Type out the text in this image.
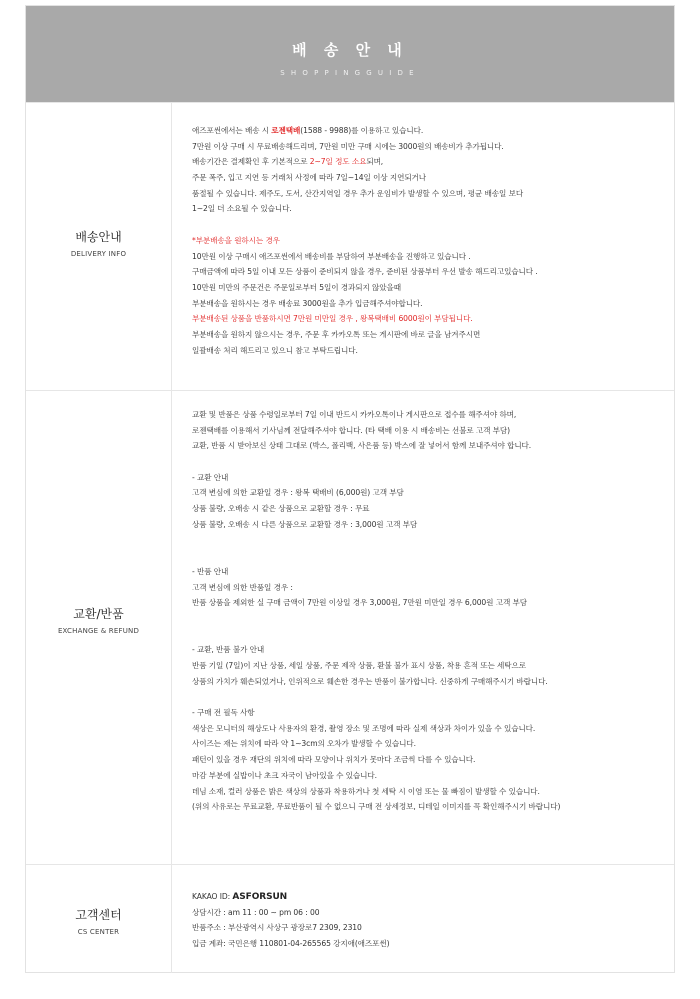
배 송 안 내
SHOPPINGGUIDE
배송안내
DELIVERY INFO
애즈포썬에서는 배송 시 로젠택배(1588 - 9988)를 이용하고 있습니다.
7만원 이상 구매 시 무료배송해드리며, 7만원 미만 구매 시에는 3000원의 배송비가 추가됩니다.
배송기간은 결제확인 후 기본적으로 2~7일 정도 소요되며,
주문 폭주, 입고 지연 등 거래처 사정에 따라 7일~14일 이상 지연되거나
품절될 수 있습니다. 제주도, 도서, 산간지역일 경우 추가 운임비가 발생할 수 있으며, 평균 배송일 보다
1~2일 더 소요될 수 있습니다.
*부분배송을 원하시는 경우
10만원 이상 구매시 애즈포썬에서 배송비를 부담하여 부분배송을 진행하고 있습니다 .
구매금액에 따라 5일 이내 모든 상품이 준비되지 않을 경우, 준비된 상품부터 우선 발송 해드리고있습니다 .
10만원 미만의 주문건은 주문일로부터 5일이 경과되지 않았을때
부분배송을 원하시는 경우 배송료 3000원을 추가 입금해주셔야합니다.
부분배송된 상품을 반품하시면 7만원 미만일 경우 , 왕복택배비 6000원이 부담됩니다.
부분배송을 원하지 않으시는 경우, 주문 후 카카오톡 또는 게시판에 바로 글을 남겨주시면
일괄배송 처리 해드리고 있으니 참고 부탁드립니다.
교환/반품
EXCHANGE & REFUND
교환 및 반품은 상품 수령일로부터 7일 이내 반드시 카카오톡이나 게시판으로 접수를 해주셔야 하며,
로젠택배를 이용해서 기사님께 전달해주셔야 합니다. (타 택배 이용 시 배송비는 선불로 고객 부담)
교환, 반품 시 받아보신 상태 그대로 (박스, 폴리백, 사은품 등) 박스에 잘 넣어서 함께 보내주셔야 합니다.
- 교환 안내
고객 변심에 의한 교환일 경우 : 왕복 택배비 (6,000원) 고객 부담
상품 불량, 오배송 시 같은 상품으로 교환할 경우 : 무료
상품 불량, 오배송 시 다른 상품으로 교환할 경우 : 3,000원 고객 부담
- 반품 안내
고객 변심에 의한 반품일 경우 :
반품 상품을 제외한 실 구매 금액이 7만원 이상일 경우 3,000원, 7만원 미만일 경우 6,000원 고객 부담
- 교환, 반품 불가 안내
반품 기일 (7일)이 지난 상품, 세일 상품, 주문 제작 상품, 환불 불가 표시 상품, 착용 흔적 또는 세탁으로
상품의 가치가 훼손되었거나, 인위적으로 훼손한 경우는 반품이 불가합니다. 신중하게 구매해주시기 바랍니다.
- 구매 전 필독 사항
색상은 모니터의 해상도나 사용자의 환경, 촬영 장소 및 조명에 따라 실제 색상과 차이가 있을 수 있습니다.
사이즈는 재는 위치에 따라 약 1~3cm의 오차가 발생할 수 있습니다.
패턴이 있을 경우 재단의 위치에 따라 모양이나 위치가 못마다 조금씩 다를 수 있습니다.
마감 부분에 실밥이나 초크 자국이 남아있을 수 있습니다.
데님 소재, 컬러 상품은 밝은 색상의 상품과 착용하거나 첫 세탁 시 이염 또는 물 빠짐이 발생할 수 있습니다.
(위의 사유로는 무료교환, 무료반품이 될 수 없으니 구매 전 상세정보, 디테일 이미지를 꼭 확인해주시기 바랍니다)
고객센터
CS CENTER
KAKAO ID: ASFORSUN
상담시간 : am 11 : 00 ~ pm 06 : 00
반품주소 : 부산광역시 사상구 광장로7 2309, 2310
입금 계좌: 국민은행 110801-04-265565 강지애(애즈포썬)
